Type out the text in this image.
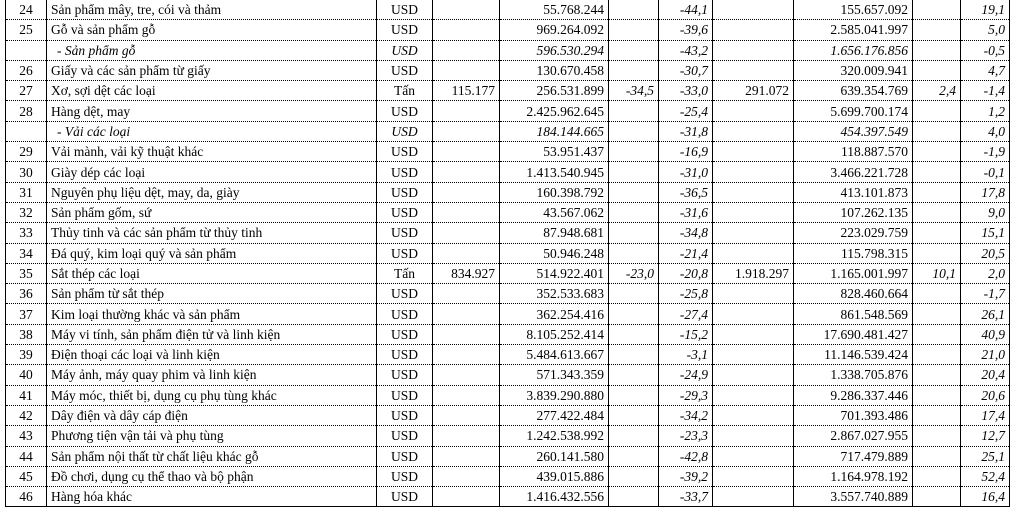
24	Sản phẩm mây, tre, cói và thảm	USD		55.768.244		-44,1		155.657.092		19,1
25	Gỗ và sản phẩm gỗ	USD		969.264.092		-39,6		2.585.041.997		5,0
	- Sản phẩm gỗ	USD		596.530.294		-43,2		1.656.176.856		-0,5
26	Giấy và các sản phẩm từ giấy	USD		130.670.458		-30,7		320.009.941		4,7
27	Xơ, sợi dệt các loại	Tấn	115.177	256.531.899	-34,5	-33,0	291.072	639.354.769	2,4	-1,4
28	Hàng dệt, may	USD		2.425.962.645		-25,4		5.699.700.174		1,2
	- Vải các loại	USD		184.144.665		-31,8		454.397.549		4,0
29	Vải mành, vải kỹ thuật khác	USD		53.951.437		-16,9		118.887.570		-1,9
30	Giày dép các loại	USD		1.413.540.945		-31,0		3.466.221.728		-0,1
31	Nguyên phụ liệu dệt, may, da, giày	USD		160.398.792		-36,5		413.101.873		17,8
32	Sản phẩm gốm, sứ	USD		43.567.062		-31,6		107.262.135		9,0
33	Thủy tinh và các sản phẩm từ thủy tinh	USD		87.948.681		-34,8		223.029.759		15,1
34	Đá quý, kim loại quý và sản phẩm	USD		50.946.248		-21,4		115.798.315		20,5
35	Sắt thép các loại	Tấn	834.927	514.922.401	-23,0	-20,8	1.918.297	1.165.001.997	10,1	2,0
36	Sản phẩm từ sắt thép	USD		352.533.683		-25,8		828.460.664		-1,7
37	Kim loại thường khác và sản phẩm	USD		362.254.416		-27,4		861.548.569		26,1
38	Máy vi tính, sản phẩm điện tử và linh kiện	USD		8.105.252.414		-15,2		17.690.481.427		40,9
39	Điện thoại các loại và linh kiện	USD		5.484.613.667		-3,1		11.146.539.424		21,0
40	Máy ảnh, máy quay phim và linh kiện	USD		571.343.359		-24,9		1.338.705.876		20,4
41	Máy móc, thiết bị, dụng cụ phụ tùng khác	USD		3.839.290.880		-29,3		9.286.337.446		20,6
42	Dây điện và dây cáp điện	USD		277.422.484		-34,2		701.393.486		17,4
43	Phương tiện vận tải và phụ tùng	USD		1.242.538.992		-23,3		2.867.027.955		12,7
44	Sản phẩm nội thất từ chất liệu khác gỗ	USD		260.141.580		-42,8		717.479.889		25,1
45	Đồ chơi, dụng cụ thể thao và bộ phận	USD		439.015.886		-39,2		1.164.978.192		52,4
46	Hàng hóa khác	USD		1.416.432.556		-33,7		3.557.740.889		16,4
